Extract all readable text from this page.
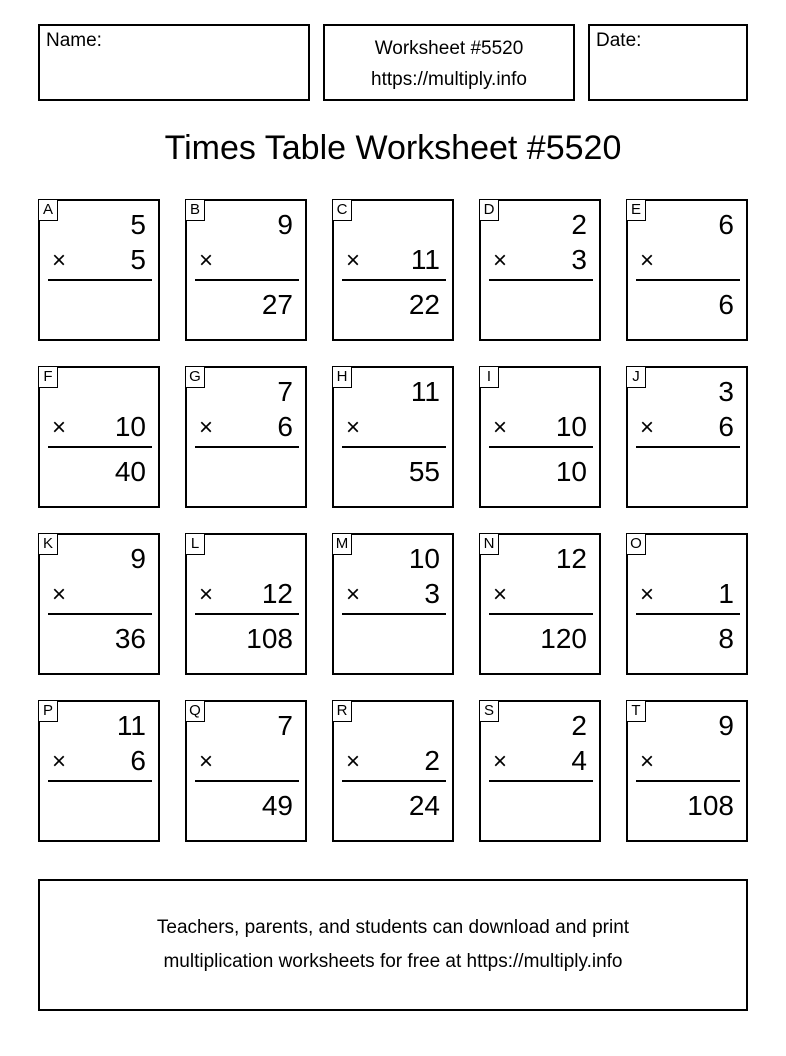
Name:	Worksheet #5520
https://multiply.info
Date:
Times Table Worksheet #5520
A	5
× 5
B	9
×
27
C
× 11
22
D	2
× 3
E	6
×
6
F
× 10
40
G	7
× 6
H 11
×
55
I
× 10
10
J	3
× 6
K	9
×
36
L
× 12
108
M 10
× 3
N 12
×
120
O
× 1
8
P 11
× 6
Q	7
×
49
R
× 2
24
S	2
× 4
T	9
×
108
Teachers, parents, and students can download and print
multiplication worksheets for free at https://multiply.info
